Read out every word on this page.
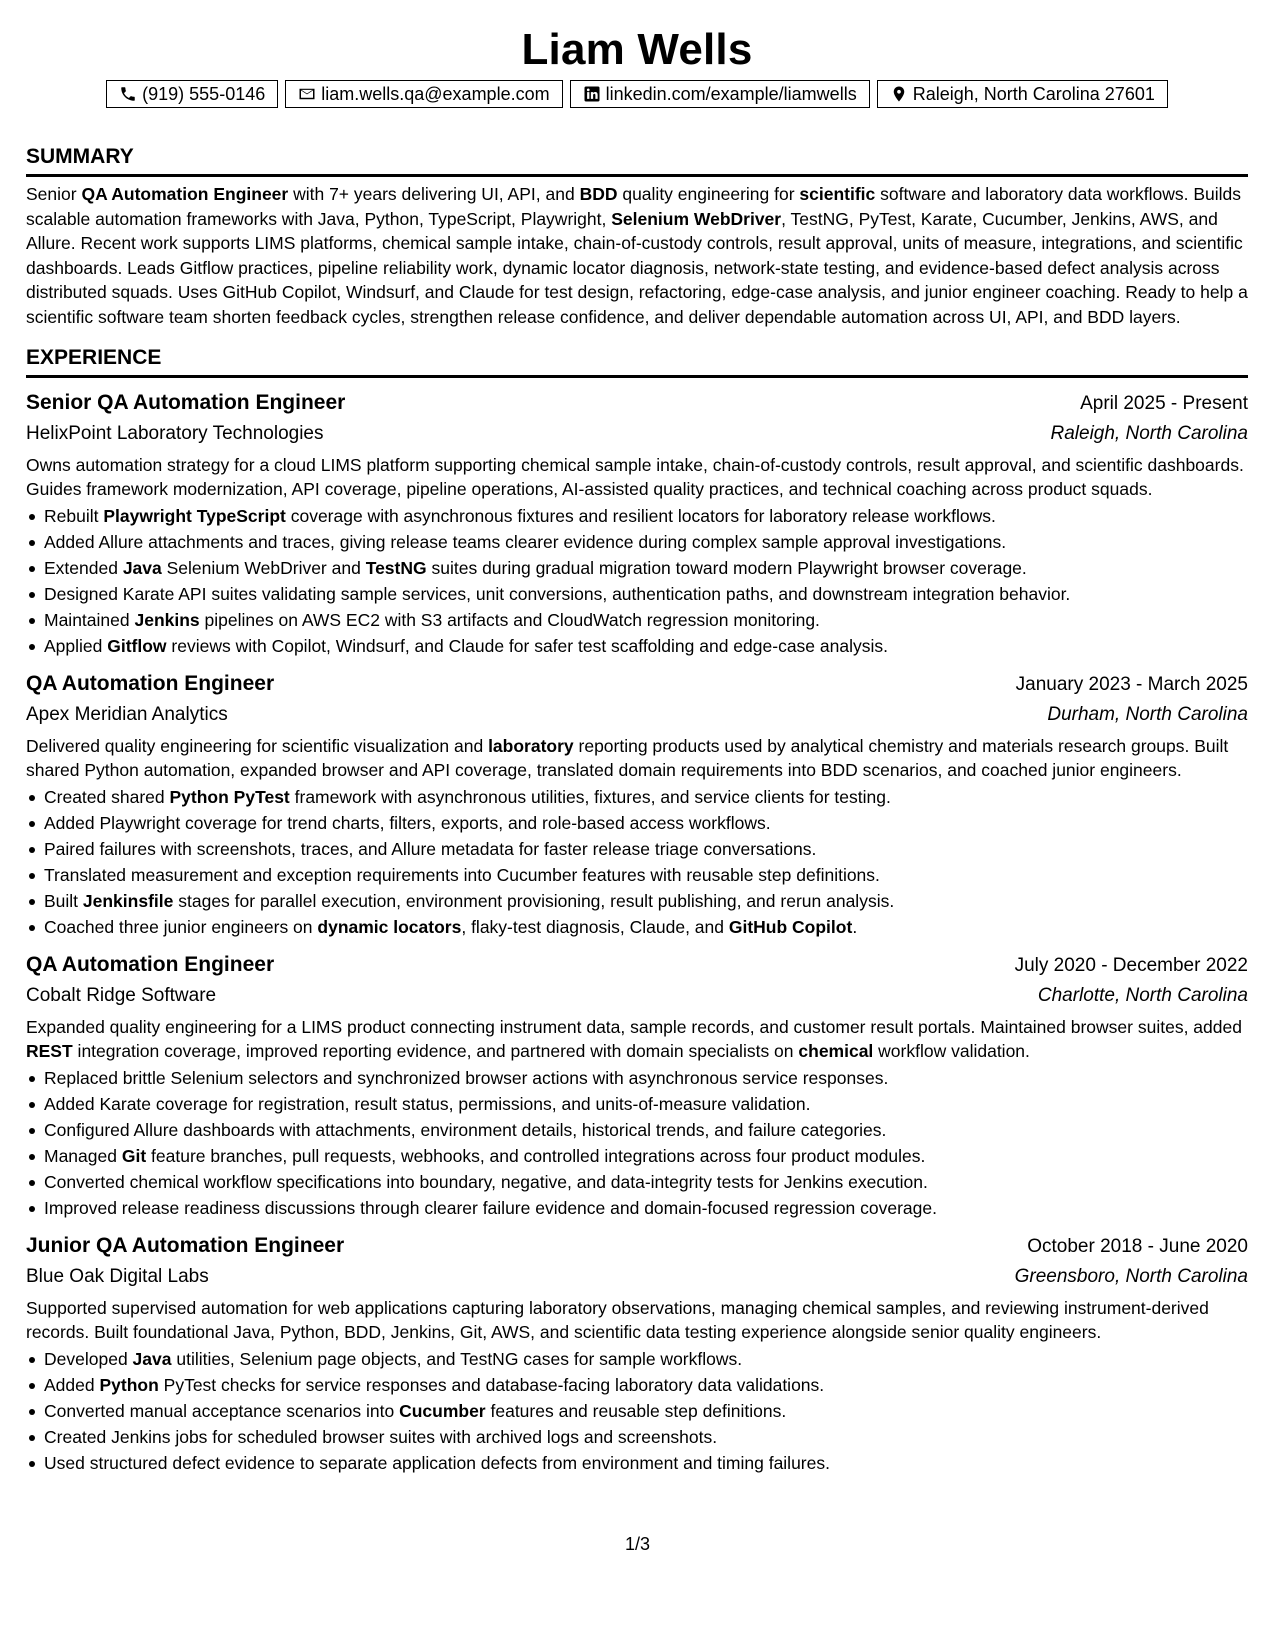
Liam Wells
(919) 555-0146	liam.wells.qa@example.com	linkedin.com/example/liamwells	Raleigh, North Carolina 27601
SUMMARY

Senior QA Automation Engineer with 7+ years delivering UI, API, and BDD quality engineering for scientific software and laboratory data workflows. Builds scalable automation frameworks with Java, Python, TypeScript, Playwright, Selenium WebDriver, TestNG, PyTest, Karate, Cucumber, Jenkins, AWS, and Allure. Recent work supports LIMS platforms, chemical sample intake, chain-of-custody controls, result approval, units of measure, integrations, and scientific dashboards. Leads Gitflow practices, pipeline reliability work, dynamic locator diagnosis, network-state testing, and evidence-based defect analysis across distributed squads. Uses GitHub Copilot, Windsurf, and Claude for test design, refactoring, edge-case analysis, and junior engineer coaching. Ready to help a scientific software team shorten feedback cycles, strengthen release confidence, and deliver dependable automation across UI, API, and BDD layers.

EXPERIENCE
Senior QA Automation Engineer	April 2025 - Present
HelixPoint Laboratory Technologies	Raleigh, North Carolina

Owns automation strategy for a cloud LIMS platform supporting chemical sample intake, chain-of-custody controls, result approval, and scientific dashboards. Guides framework modernization, API coverage, pipeline operations, AI-assisted quality practices, and technical coaching across product squads.

Rebuilt Playwright TypeScript coverage with asynchronous fixtures and resilient locators for laboratory release workflows.
Added Allure attachments and traces, giving release teams clearer evidence during complex sample approval investigations.
Extended Java Selenium WebDriver and TestNG suites during gradual migration toward modern Playwright browser coverage.
Designed Karate API suites validating sample services, unit conversions, authentication paths, and downstream integration behavior.
Maintained Jenkins pipelines on AWS EC2 with S3 artifacts and CloudWatch regression monitoring.
Applied Gitflow reviews with Copilot, Windsurf, and Claude for safer test scaffolding and edge-case analysis.
QA Automation Engineer	January 2023 - March 2025
Apex Meridian Analytics	Durham, North Carolina

Delivered quality engineering for scientific visualization and laboratory reporting products used by analytical chemistry and materials research groups. Built shared Python automation, expanded browser and API coverage, translated domain requirements into BDD scenarios, and coached junior engineers.

Created shared Python PyTest framework with asynchronous utilities, fixtures, and service clients for testing.
Added Playwright coverage for trend charts, filters, exports, and role-based access workflows.
Paired failures with screenshots, traces, and Allure metadata for faster release triage conversations.
Translated measurement and exception requirements into Cucumber features with reusable step definitions.
Built Jenkinsfile stages for parallel execution, environment provisioning, result publishing, and rerun analysis.
Coached three junior engineers on dynamic locators, flaky-test diagnosis, Claude, and GitHub Copilot.
QA Automation Engineer	July 2020 - December 2022
Cobalt Ridge Software	Charlotte, North Carolina

Expanded quality engineering for a LIMS product connecting instrument data, sample records, and customer result portals. Maintained browser suites, added REST integration coverage, improved reporting evidence, and partnered with domain specialists on chemical workflow validation.

Replaced brittle Selenium selectors and synchronized browser actions with asynchronous service responses.
Added Karate coverage for registration, result status, permissions, and units-of-measure validation.
Configured Allure dashboards with attachments, environment details, historical trends, and failure categories.
Managed Git feature branches, pull requests, webhooks, and controlled integrations across four product modules.
Converted chemical workflow specifications into boundary, negative, and data-integrity tests for Jenkins execution.
Improved release readiness discussions through clearer failure evidence and domain-focused regression coverage.
Junior QA Automation Engineer	October 2018 - June 2020
Blue Oak Digital Labs	Greensboro, North Carolina

Supported supervised automation for web applications capturing laboratory observations, managing chemical samples, and reviewing instrument-derived records. Built foundational Java, Python, BDD, Jenkins, Git, AWS, and scientific data testing experience alongside senior quality engineers.

Developed Java utilities, Selenium page objects, and TestNG cases for sample workflows.
Added Python PyTest checks for service responses and database-facing laboratory data validations.
Converted manual acceptance scenarios into Cucumber features and reusable step definitions.
Created Jenkins jobs for scheduled browser suites with archived logs and screenshots.
Used structured defect evidence to separate application defects from environment and timing failures.
1/3
